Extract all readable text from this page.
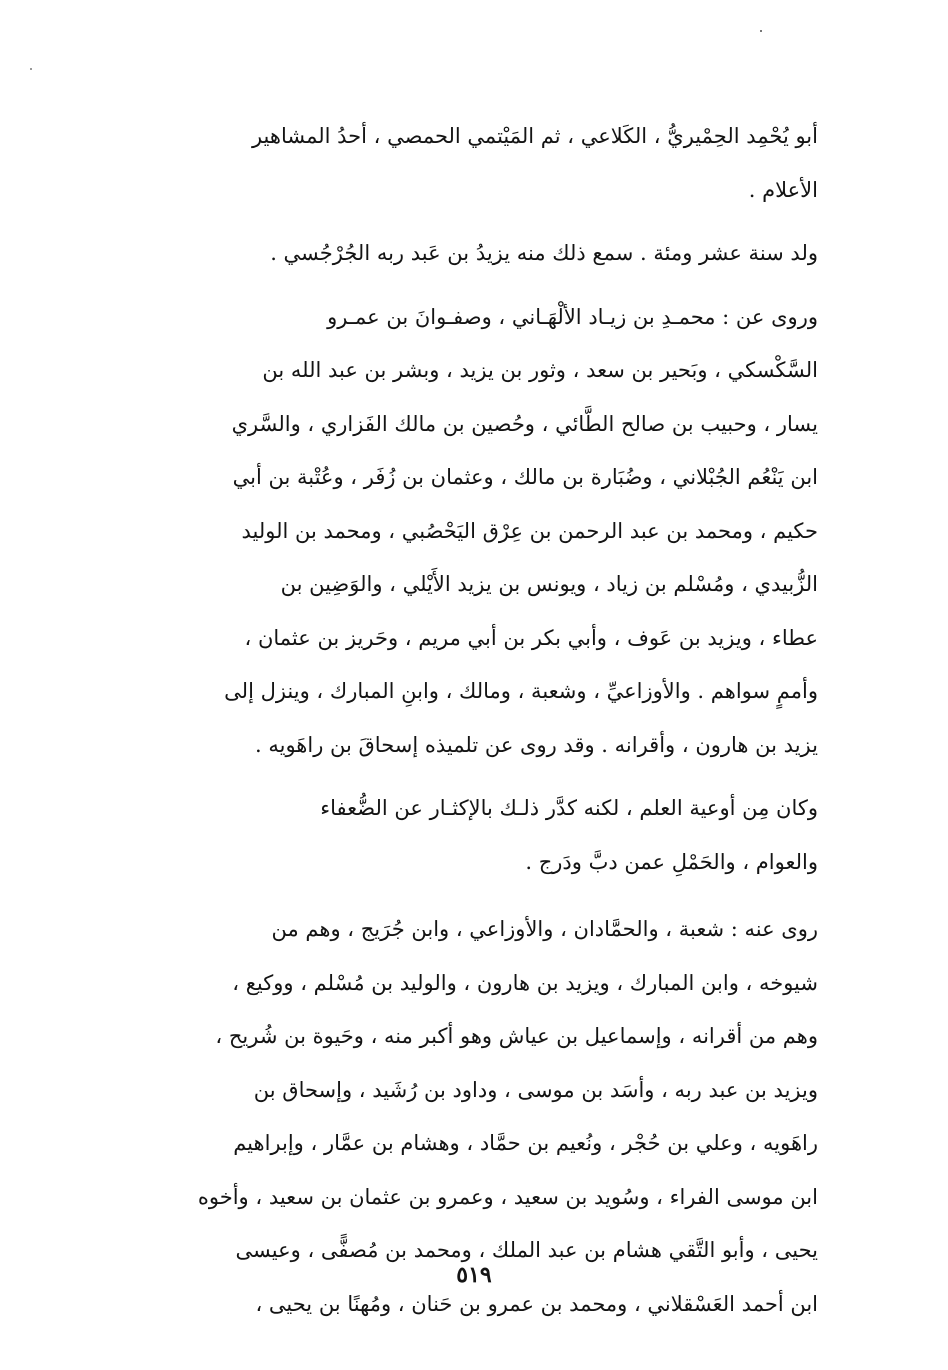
أبو يُحْمِد الحِمْيريُّ ، الكَلاعي ، ثم المَيْتمي الحمصي ، أحدُ المشاهير
الأعلام .

ولد سنة عشر ومئة . سمع ذلك منه يزيدُ بن عَبد ربه الجُرْجُسي .

وروى عن : محمـدِ بن زيـاد الألْهَـاني ، وصفـوانَ بن عمـرو
السَّكْسكي ، وبَحير بن سعد ، وثور بن يزيد ، وبشر بن عبد الله بن
يسار ، وحبيب بن صالح الطَّائي ، وحُصين بن مالك الفَزاري ، والسَّري
ابن يَنْعُم الجُبْلاني ، وضُبَارة بن مالك ، وعثمان بن زُفَر ، وعُتْبة بن أبي
حكيم ، ومحمد بن عبد الرحمن بن عِرْق اليَحْصُبي ، ومحمد بن الوليد
الزُّبيدي ، ومُسْلم بن زياد ، ويونس بن يزيد الأَيْلي ، والوَضِين بن
عطاء ، ويزيد بن عَوف ، وأبي بكر بن أبي مريم ، وحَريز بن عثمان ،
وأممٍ سواهم . والأوزاعيِّ ، وشعبة ، ومالك ، وابنِ المبارك ، وينزل إلى
يزيد بن هارون ، وأقرانه . وقد روى عن تلميذه إسحاقَ بن راهَويه .

وكان مِن أوعية العلم ، لكنه كدَّر ذلـك بالإكثـار عن الضُّعفاء
والعوام ، والحَمْلِ عمن دبَّ ودَرج .

روى عنه : شعبة ، والحمَّادان ، والأوزاعي ، وابن جُرَيج ، وهم من
شيوخه ، وابن المبارك ، ويزيد بن هارون ، والوليد بن مُسْلم ، ووكيع ،
وهم من أقرانه ، وإسماعيل بن عياش وهو أكبر منه ، وحَيوة بن شُريح ،
ويزيد بن عبد ربه ، وأسَد بن موسى ، وداود بن رُشَيد ، وإسحاق بن
راهَويه ، وعلي بن حُجْر ، ونُعيم بن حمَّاد ، وهشام بن عمَّار ، وإبراهيم
ابن موسى الفراء ، وسُويد بن سعيد ، وعمرو بن عثمان بن سعيد ، وأخوه
يحيى ، وأبو التَّقي هشام بن عبد الملك ، ومحمد بن مُصفًّى ، وعيسى
ابن أحمد العَسْقلاني ، ومحمد بن عمرو بن حَنان ، ومُهنًا بن يحيى ،

٥١٩
